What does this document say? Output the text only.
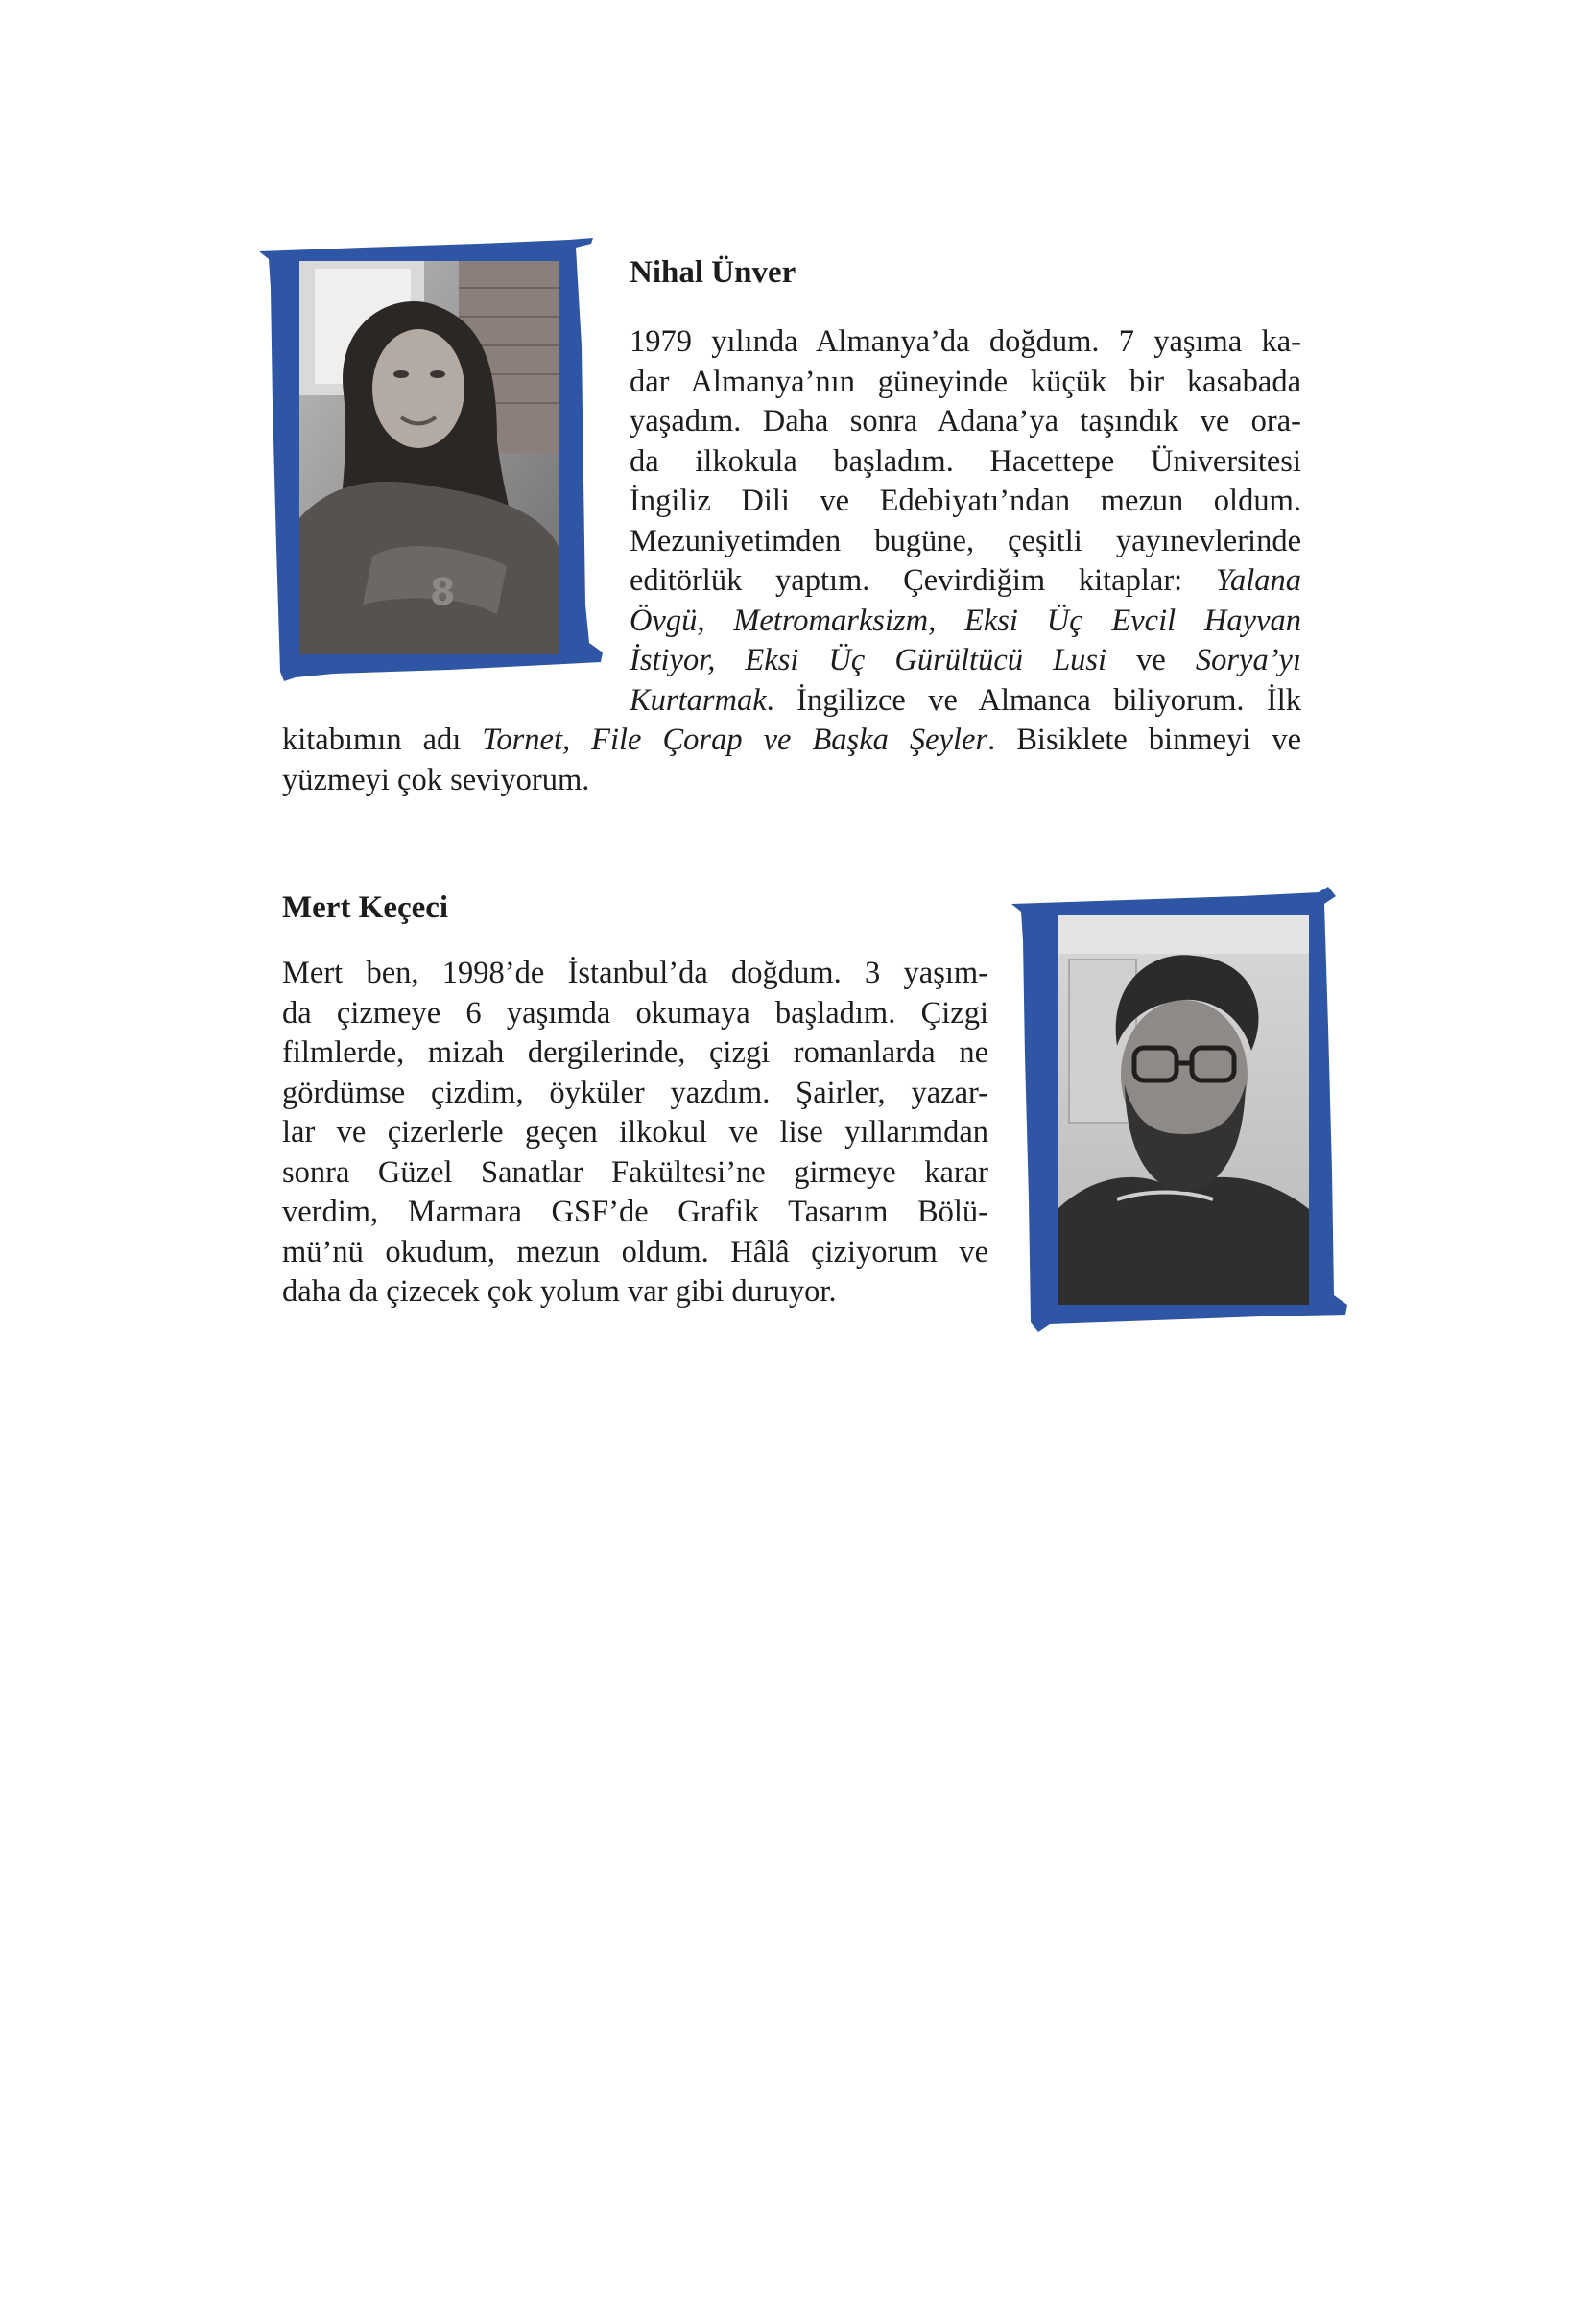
8
Nihal Ünver
1979 yılında Almanya’da doğdum. 7 yaşıma ka-
dar Almanya’nın güneyinde küçük bir kasabada
yaşadım. Daha sonra Adana’ya taşındık ve ora-
da ilkokula başladım. Hacettepe Üniversitesi
İngiliz Dili ve Edebiyatı’ndan mezun oldum.
Mezuniyetimden bugüne, çeşitli yayınevlerinde
editörlük yaptım. Çevirdiğim kitaplar: Yalana
Övgü, Metromarksizm, Eksi Üç Evcil Hayvan
İstiyor, Eksi Üç Gürültücü Lusi ve Sorya’yı
Kurtarmak. İngilizce ve Almanca biliyorum. İlk
kitabımın adı Tornet, File Çorap ve Başka Şeyler. Bisiklete binmeyi ve
yüzmeyi çok seviyorum.
Mert Keçeci
Mert ben, 1998’de İstanbul’da doğdum. 3 yaşım-
da çizmeye 6 yaşımda okumaya başladım. Çizgi
filmlerde, mizah dergilerinde, çizgi romanlarda ne
gördümse çizdim, öyküler yazdım. Şairler, yazar-
lar ve çizerlerle geçen ilkokul ve lise yıllarımdan
sonra Güzel Sanatlar Fakültesi’ne girmeye karar
verdim, Marmara GSF’de Grafik Tasarım Bölü-
mü’nü okudum, mezun oldum. Hâlâ çiziyorum ve
daha da çizecek çok yolum var gibi duruyor.
